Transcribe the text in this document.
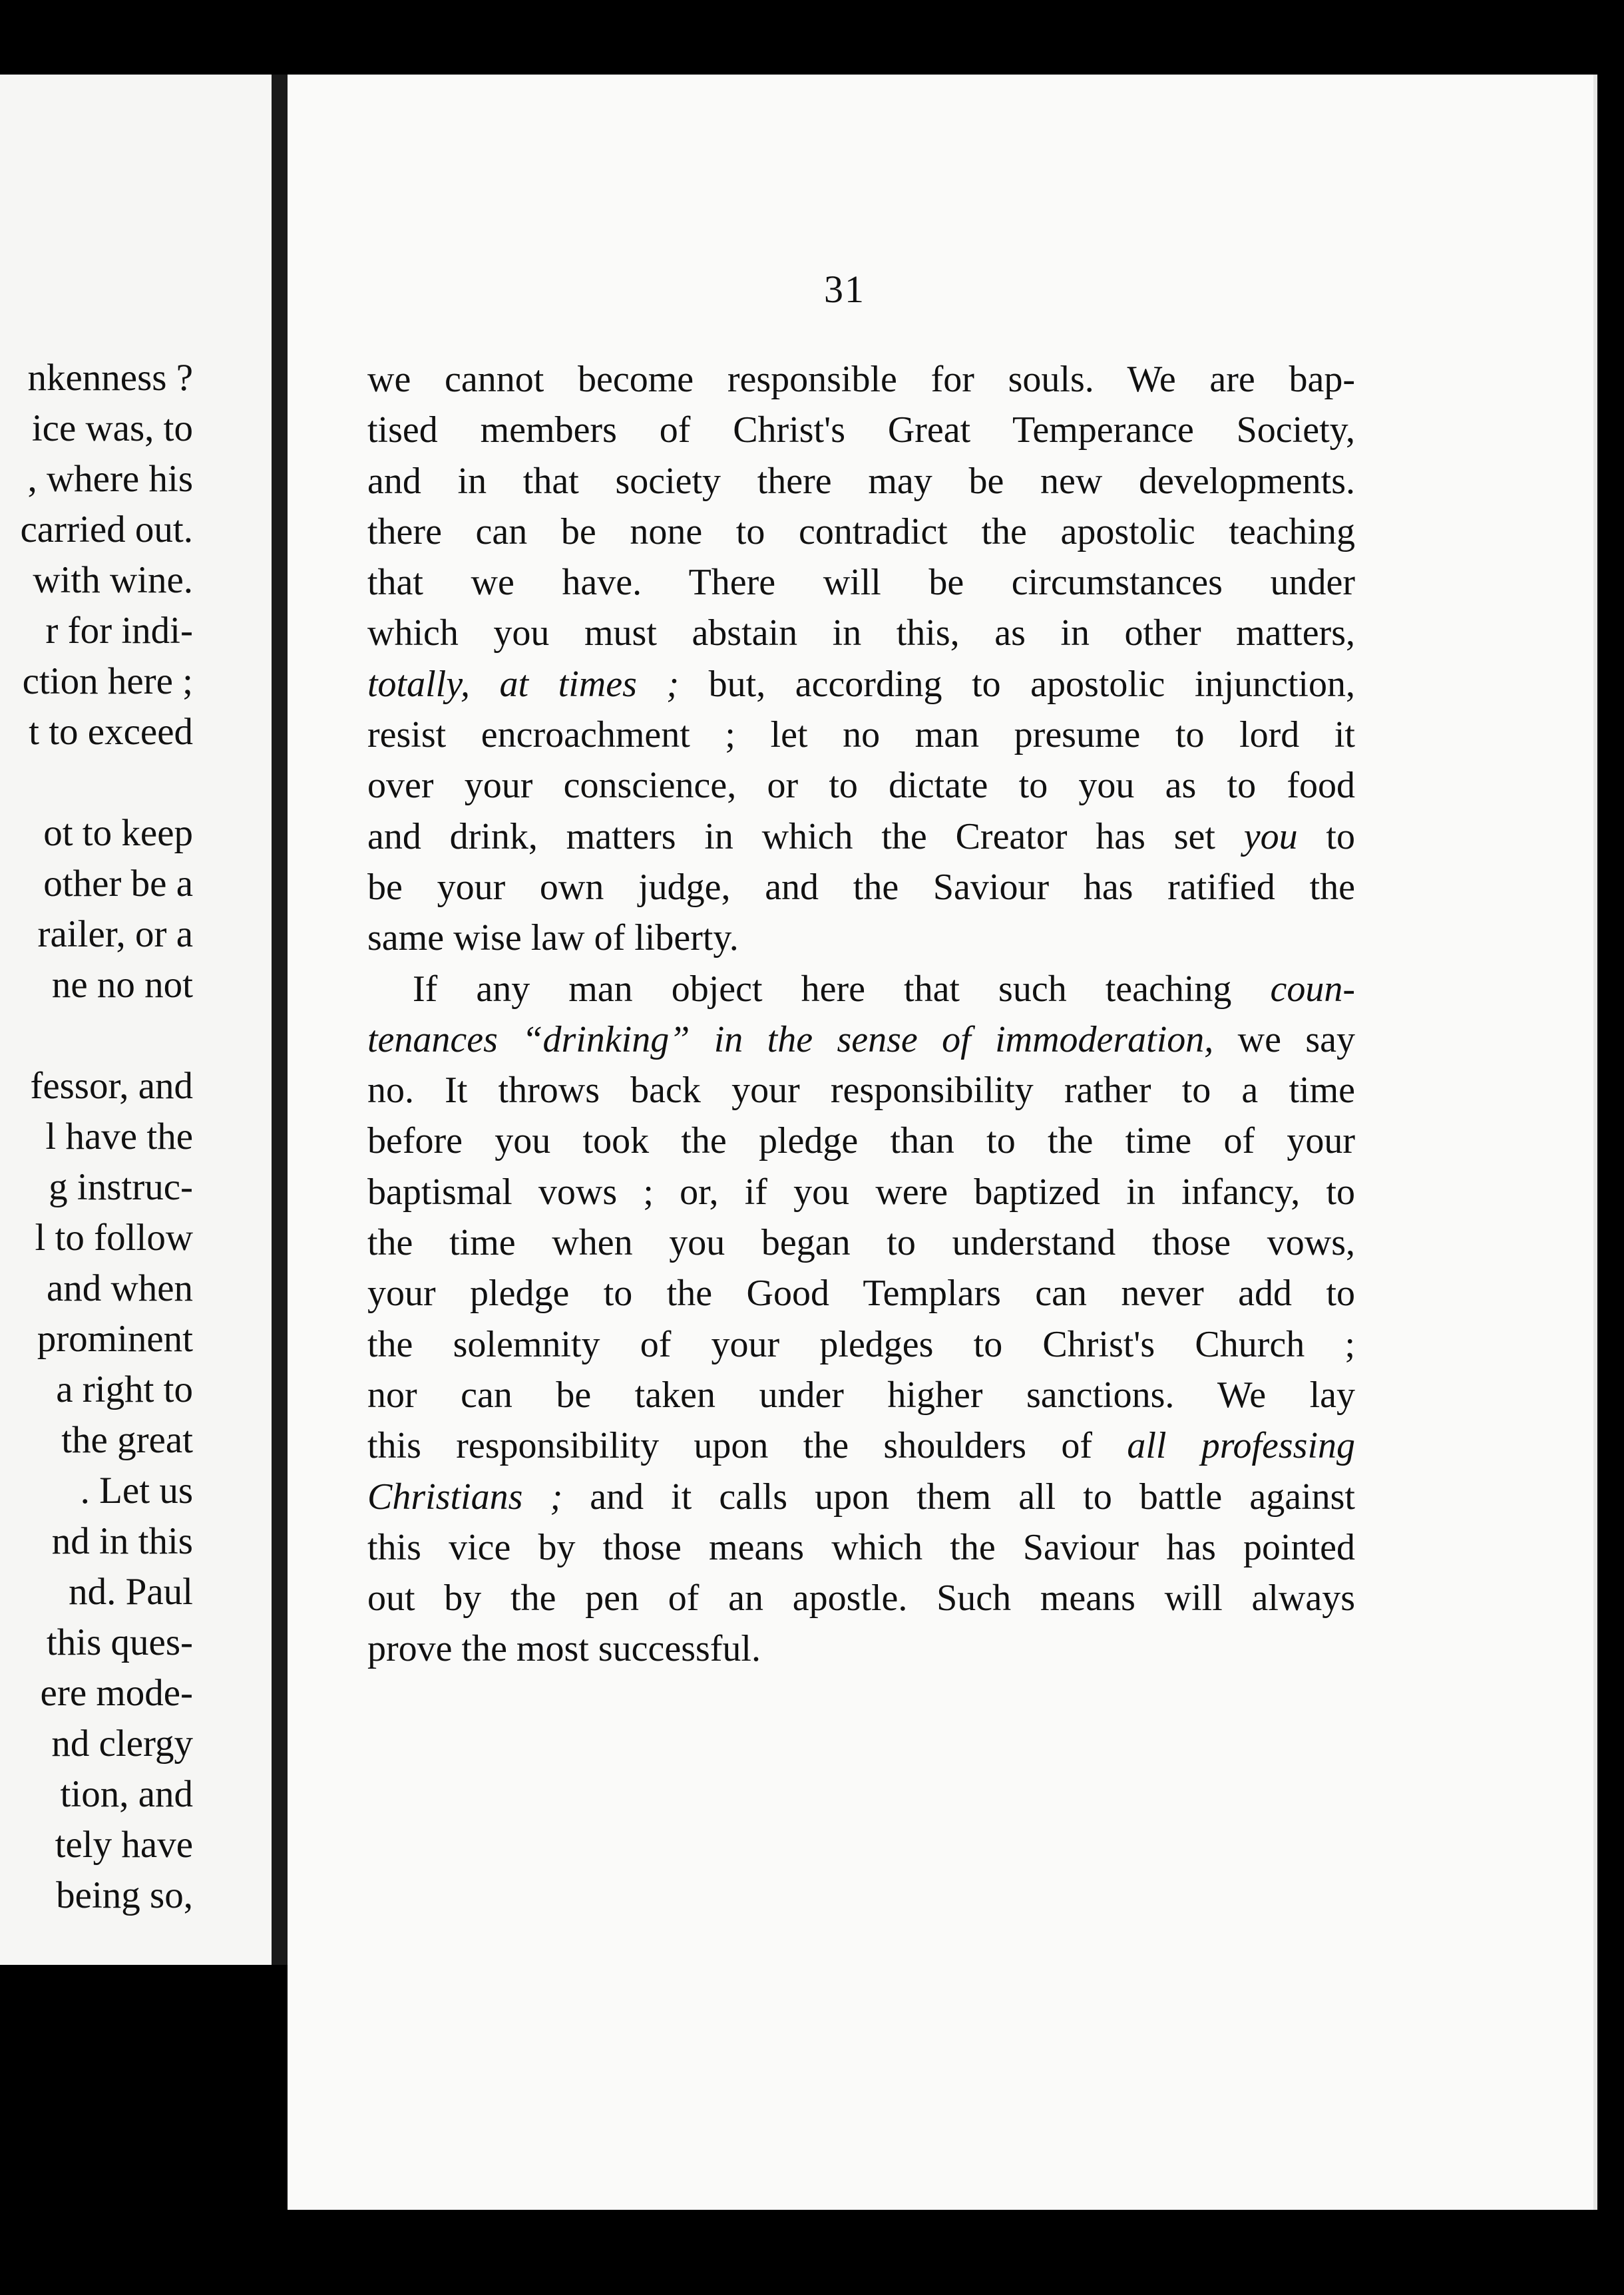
nkenness ?
ice was, to
, where his
carried out.
with wine.
r for indi-
ction here ;
t to exceed
ot to keep
other be a
railer, or a
ne no not
fessor, and
l have the
g instruc-
l to follow
and when
prominent
a right to
the great
. Let us
nd in this
nd. Paul
this ques-
ere mode-
nd clergy
tion, and
tely have
being so,
31
we cannot become responsible for souls. We are bap-
tised members of Christ's Great Temperance Society,
and in that society there may be new developments.
there can be none to contradict the apostolic teaching
that we have. There will be circumstances under
which you must abstain in this, as in other matters,
totally, at times ; but, according to apostolic injunction,
resist encroachment ; let no man presume to lord it
over your conscience, or to dictate to you as to food
and drink, matters in which the Creator has set you to
be your own judge, and the Saviour has ratified the
same wise law of liberty.
If any man object here that such teaching coun-
tenances “drinking” in the sense of immoderation, we say
no. It throws back your responsibility rather to a time
before you took the pledge than to the time of your
baptismal vows ; or, if you were baptized in infancy, to
the time when you began to understand those vows,
your pledge to the Good Templars can never add to
the solemnity of your pledges to Christ's Church ;
nor can be taken under higher sanctions. We lay
this responsibility upon the shoulders of all professing
Christians ; and it calls upon them all to battle against
this vice by those means which the Saviour has pointed
out by the pen of an apostle. Such means will always
prove the most successful.
